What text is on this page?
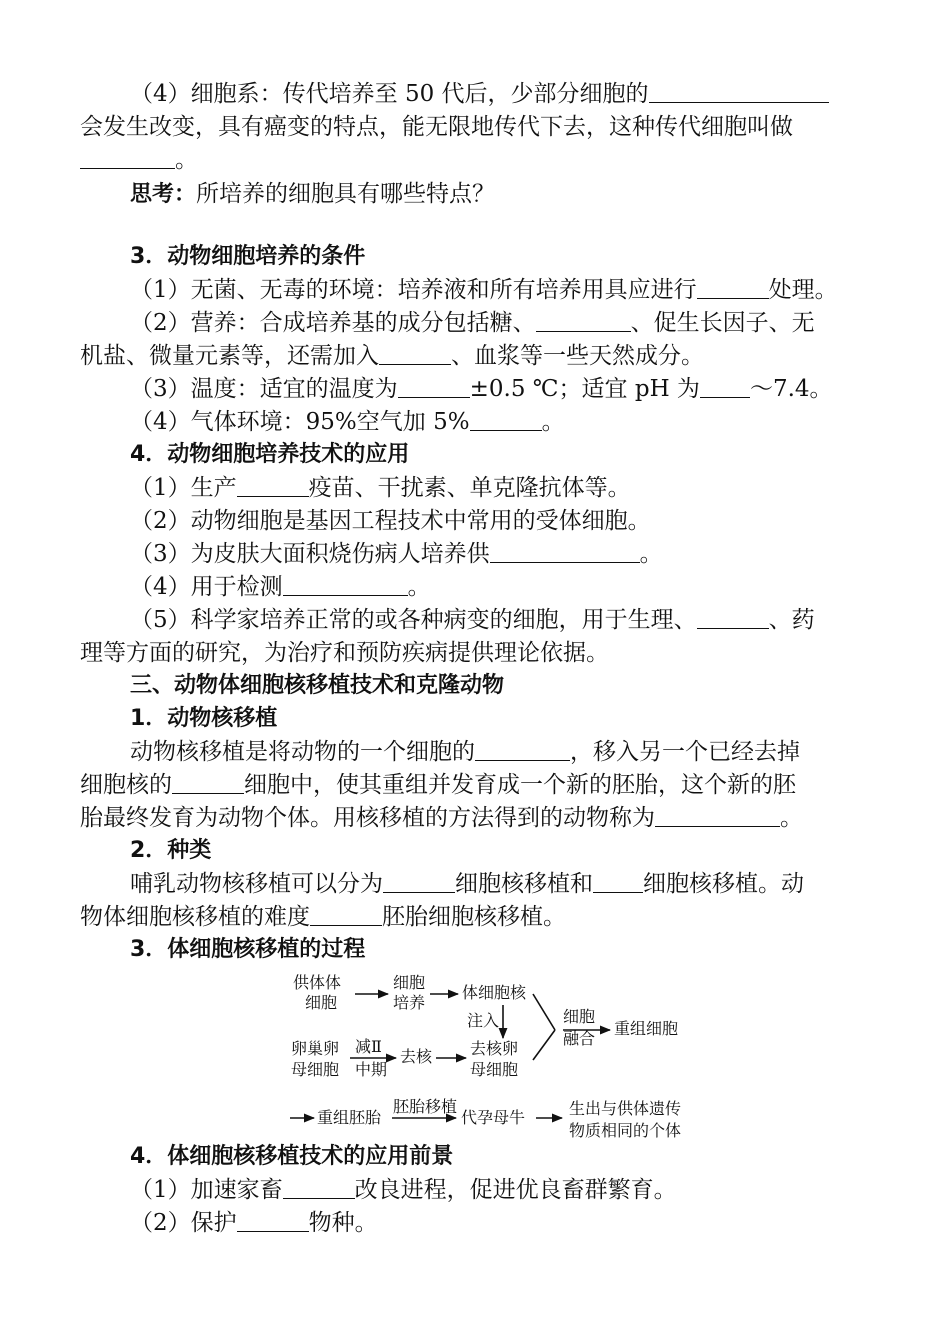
（4）细胞系：传代培养至 50 代后，少部分细胞的
会发生改变，具有癌变的特点，能无限地传代下去，这种传代细胞叫做
。
思考：所培养的细胞具有哪些特点？
3．动物细胞培养的条件
（1）无菌、无毒的环境：培养液和所有培养用具应进行	处理。
（2）营养：合成培养基的成分包括糖、	、促生长因子、无
机盐、微量元素等，还需加入	、血浆等一些天然成分。
（3）温度：适宜的温度为	±0.5 ℃；适宜 pH 为 ～7.4。
（4）气体环境：95%空气加 5%	。
4．动物细胞培养技术的应用
（1）生产	疫苗、干扰素、单克隆抗体等。
（2）动物细胞是基因工程技术中常用的受体细胞。
（3）为皮肤大面积烧伤病人培养供	。
（4）用于检测	。
（5）科学家培养正常的或各种病变的细胞，用于生理、	、药
理等方面的研究，为治疗和预防疾病提供理论依据。
三、动物体细胞核移植技术和克隆动物
1．动物核移植
动物核移植是将动物的一个细胞的	，移入另一个已经去掉
细胞核的	细胞中，使其重组并发育成一个新的胚胎，这个新的胚
胎最终发育为动物个体。用核移植的方法得到的动物称为	。
2．种类
哺乳动物核移植可以分为	细胞核移植和 细胞核移植。动
物体细胞核移植的难度	胚胎细胞核移植。
3．体细胞核移植的过程
供体体
细胞
细胞
培养
体细胞核
注入	细胞
融合
重组细胞
卵巢卵
母细胞
减Ⅱ
中期
去核 去核卵
母细胞
重组胚胎
胚胎移植
代孕母牛	生出与供体遗传
物质相同的个体
4．体细胞核移植技术的应用前景
（1）加速家畜	改良进程，促进优良畜群繁育。
（2）保护	物种。
